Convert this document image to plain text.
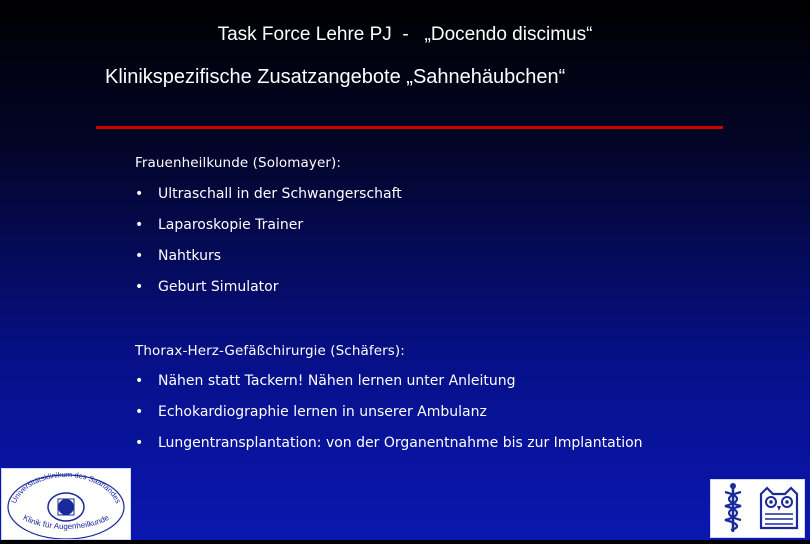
Task Force Lehre PJ  -   „Docendo discimus“
Klinikspezifische Zusatzangebote „Sahnehäubchen“
Frauenheilkunde (Solomayer):
•	Ultraschall in der Schwangerschaft
•	Laparoskopie Trainer
•	Nahtkurs
•	Geburt Simulator
Thorax-Herz-Gefäßchirurgie (Schäfers):
•	Nähen statt Tackern! Nähen lernen unter Anleitung
•	Echokardiographie lernen in unserer Ambulanz
•	Lungentransplantation: von der Organentnahme bis zur Implantation
Universitätsklinikum des Saarlandes
Klinik für Augenheilkunde
